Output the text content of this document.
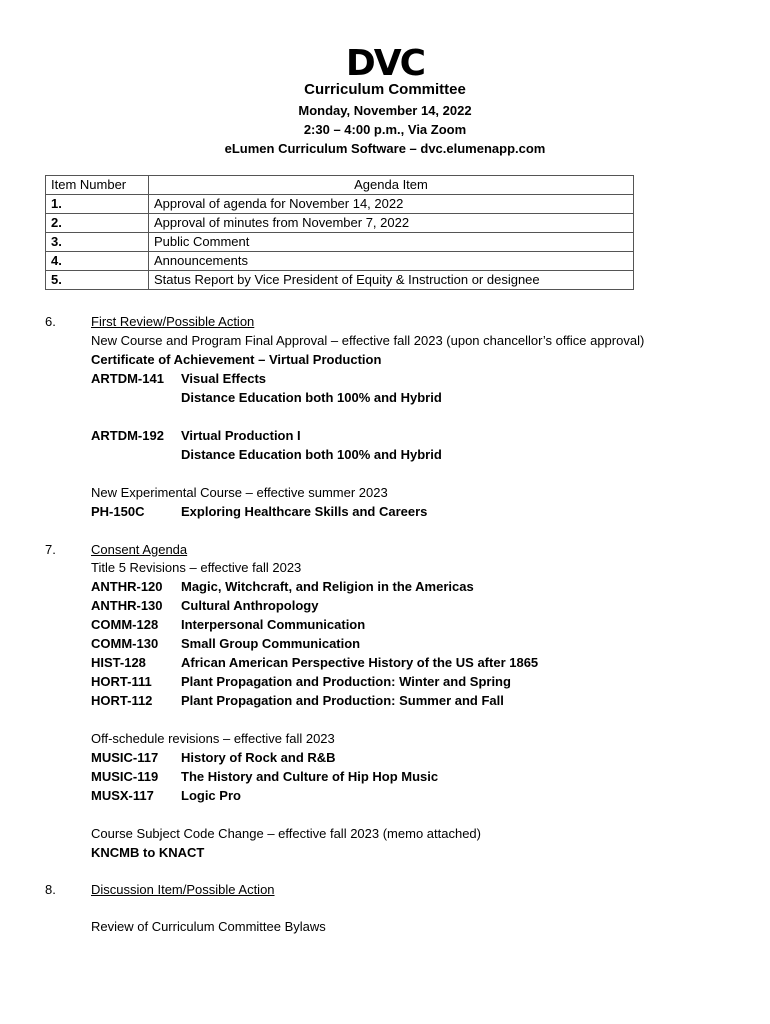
DVC
Curriculum Committee
Monday, November 14, 2022
2:30 – 4:00 p.m., Via Zoom
eLumen Curriculum Software – dvc.elumenapp.com
Item Number	Agenda Item
1.	Approval of agenda for November 14, 2022
2.	Approval of minutes from November 7, 2022
3.	Public Comment
4.	Announcements
5.	Status Report by Vice President of Equity & Instruction or designee
6.	First Review/Possible Action
New Course and Program Final Approval – effective fall 2023 (upon chancellor’s office approval)
Certificate of Achievement – Virtual Production
ARTDM-141 Visual Effects
Distance Education both 100% and Hybrid
ARTDM-192 Virtual Production I
Distance Education both 100% and Hybrid
New Experimental Course – effective summer 2023
PH-150C	Exploring Healthcare Skills and Careers
7.	Consent Agenda
Title 5 Revisions – effective fall 2023
ANTHR-120 Magic, Witchcraft, and Religion in the Americas
ANTHR-130 Cultural Anthropology
COMM-128 Interpersonal Communication
COMM-130 Small Group Communication
HIST-128	African American Perspective History of the US after 1865
HORT-111 Plant Propagation and Production: Winter and Spring
HORT-112 Plant Propagation and Production: Summer and Fall
Off-schedule revisions – effective fall 2023
MUSIC-117 History of Rock and R&B
MUSIC-119 The History and Culture of Hip Hop Music
MUSX-117 Logic Pro
Course Subject Code Change – effective fall 2023 (memo attached)
KNCMB to KNACT
8.	Discussion Item/Possible Action
Review of Curriculum Committee Bylaws
